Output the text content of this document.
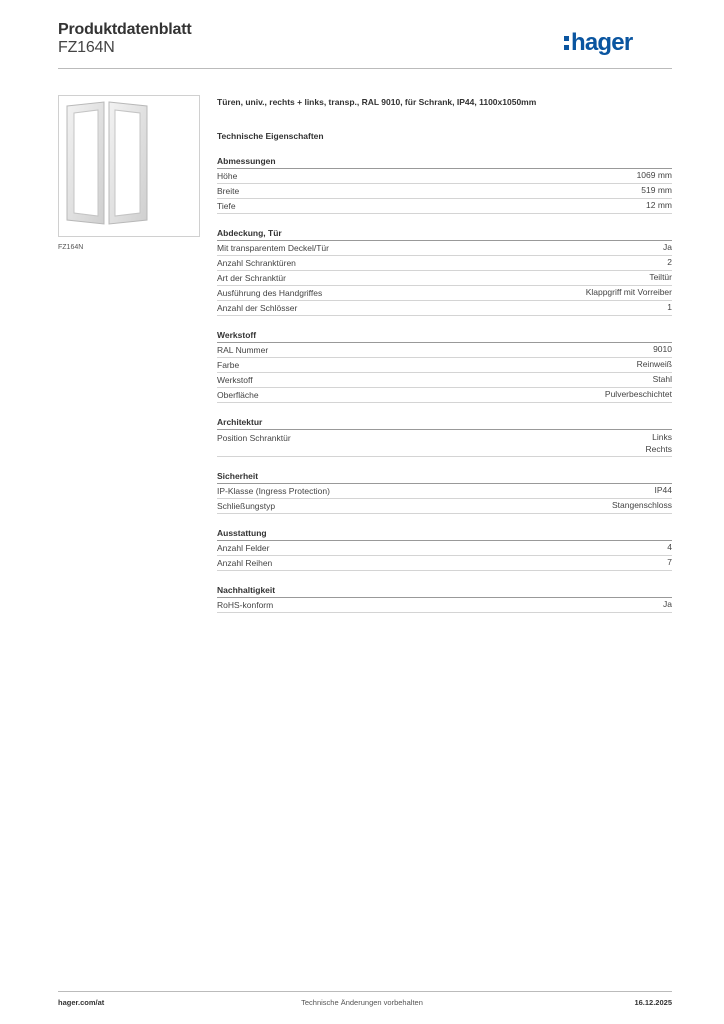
Produktdatenblatt
FZ164N	hager
FZ164N
Türen, univ., rechts + links, transp., RAL 9010, für Schrank, IP44, 1100x1050mm
Technische Eigenschaften
Abmessungen
Höhe	1069 mm
Breite	519 mm
Tiefe	12 mm
Abdeckung, Tür
Mit transparentem Deckel/Tür	Ja
Anzahl Schranktüren	2
Art der Schranktür	Teiltür
Ausführung des Handgriffes	Klappgriff mit Vorreiber
Anzahl der Schlösser	1
Werkstoff
RAL Nummer	9010
Farbe	Reinweiß
Werkstoff	Stahl
Oberfläche	Pulverbeschichtet
Architektur
Position Schranktür	Links
Rechts
Sicherheit
IP-Klasse (Ingress Protection)	IP44
Schließungstyp	Stangenschloss
Ausstattung
Anzahl Felder	4
Anzahl Reihen	7
Nachhaltigkeit
RoHS-konform	Ja
hager.com/at	Technische Änderungen vorbehalten	16.12.2025
